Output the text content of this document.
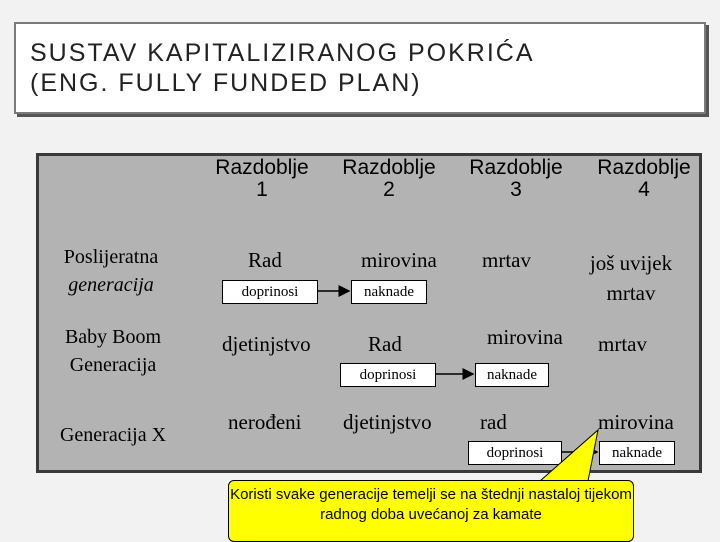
SUSTAV KAPITALIZIRANOG POKRIĆA
(ENG. FULLY FUNDED PLAN)
Razdoblje
1
Razdoblje
2
Razdoblje
3
Razdoblje
4
Poslijeratna
generacija
Rad
doprinosi
mirovina
naknade
mrtav	još uvijek
mrtav
Baby Boom
Generacija
djetinjstvo	Rad
doprinosi
mirovina
naknade
mrtav
Generacija X
nerođeni djetinjstvo rad
doprinosi
mirovina
naknade
Koristi svake generacije temelji se na štednji nastaloj tijekom radnog doba uvećanoj za kamate
